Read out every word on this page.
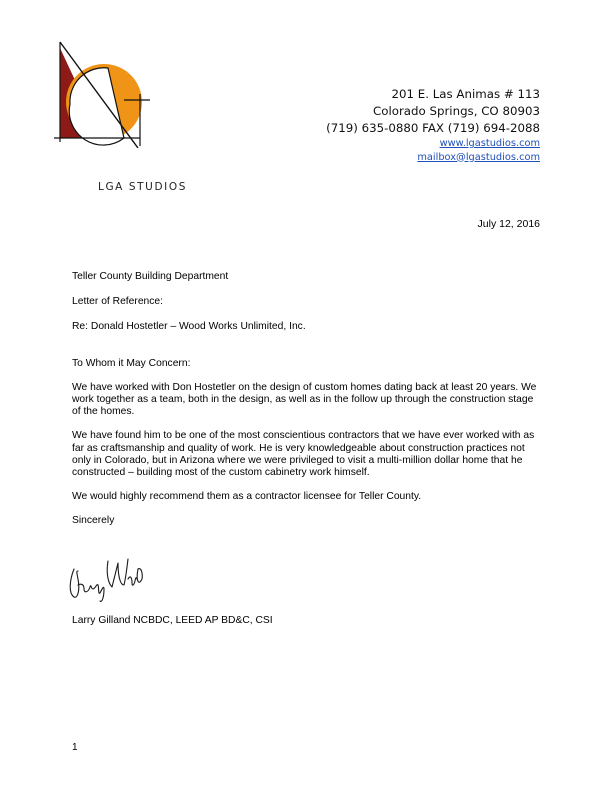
LGA STUDIOS
201 E. Las Animas # 113
Colorado Springs, CO 80903
(719) 635-0880 FAX (719) 694-2088
www.lgastudios.com
mailbox@lgastudios.com
July 12, 2016

Teller County Building Department

Letter of Reference:

Re: Donald Hostetler – Wood Works Unlimited, Inc.

To Whom it May Concern:

We have worked with Don Hostetler on the design of custom homes dating back at least 20 years. We work together as a team, both in the design, as well as in the follow up through the construction stage of the homes.

We have found him to be one of the most conscientious contractors that we have ever worked with as far as craftsmanship and quality of work. He is very knowledgeable about construction practices not only in Colorado, but in Arizona where we were privileged to visit a multi-million dollar home that he constructed – building most of the custom cabinetry work himself.

We would highly recommend them as a contractor licensee for Teller County.

Sincerely

Larry Gilland NCBDC, LEED AP BD&C, CSI
1
